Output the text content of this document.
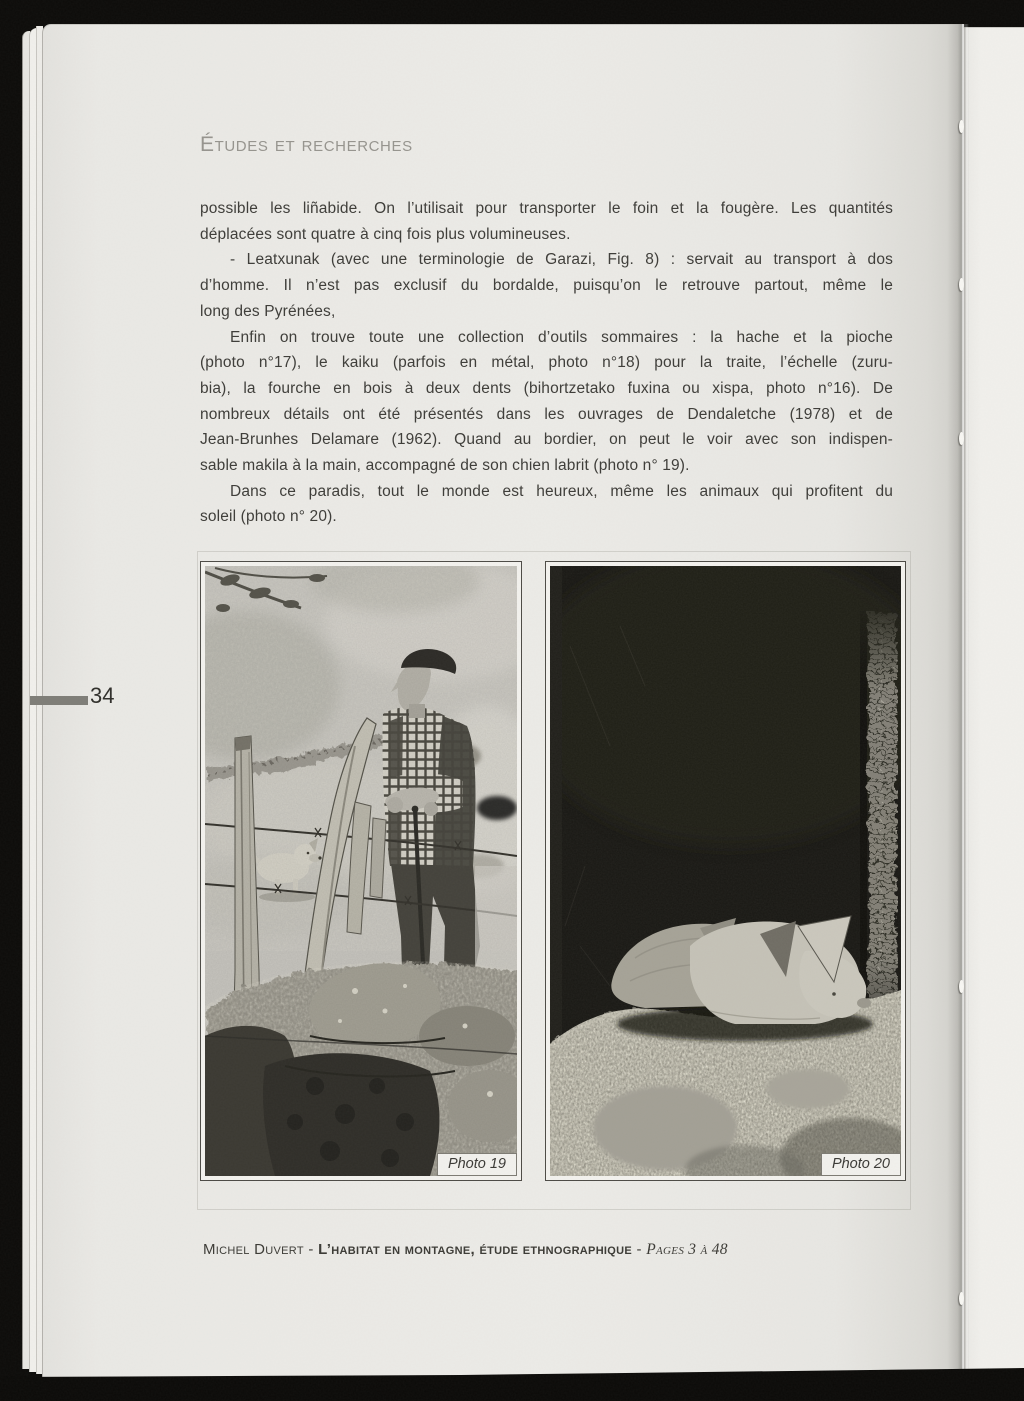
Études et recherches
possible les liñabide. On l’utilisait pour transporter le foin et la fougère. Les quantités
déplacées sont quatre à cinq fois plus volumineuses.
- Leatxunak (avec une terminologie de Garazi, Fig. 8) : servait au transport à dos
d’homme. Il n’est pas exclusif du bordalde, puisqu’on le retrouve partout, même le
long des Pyrénées,
Enfin on trouve toute une collection d’outils sommaires : la hache et la pioche
(photo n°17), le kaiku (parfois en métal, photo n°18) pour la traite, l’échelle (zuru-
bia), la fourche en bois à deux dents (bihortzetako fuxina ou xispa, photo n°16). De
nombreux détails ont été présentés dans les ouvrages de Dendaletche (1978) et de
Jean-Brunhes Delamare (1962). Quand au bordier, on peut le voir avec son indispen-
sable makila à la main, accompagné de son chien labrit (photo n° 19).
Dans ce paradis, tout le monde est heureux, même les animaux qui profitent du
soleil (photo n° 20).
34
Photo 19	Photo 20
Michel Duvert - L’habitat en montagne, étude ethnographique - Pages 3 à 48
